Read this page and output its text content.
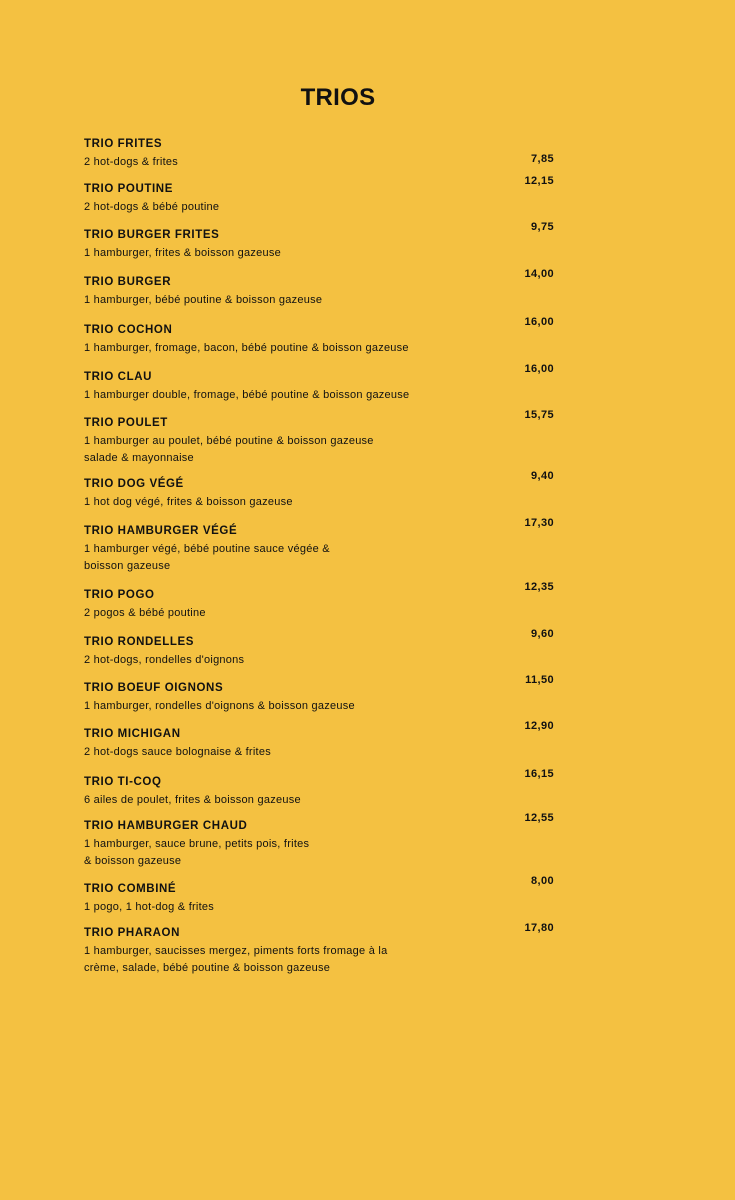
TRIOS
TRIO FRITES
2 hot-dogs & frites	7,85
TRIO POUTINE
2 hot-dogs & bébé poutine
12,15
TRIO BURGER FRITES
1 hamburger, frites & boisson gazeuse
9,75
TRIO BURGER
1 hamburger, bébé poutine & boisson gazeuse
14,00
TRIO COCHON
1 hamburger, fromage, bacon, bébé poutine & boisson gazeuse
16,00
TRIO CLAU
1 hamburger double, fromage, bébé poutine & boisson gazeuse
16,00
TRIO POULET
1 hamburger au poulet, bébé poutine & boisson gazeuse
salade & mayonnaise
15,75
TRIO DOG VÉGÉ
1 hot dog végé, frites & boisson gazeuse
9,40
TRIO HAMBURGER VÉGÉ
1 hamburger végé, bébé poutine sauce végée &
boisson gazeuse
17,30
TRIO POGO
2 pogos & bébé poutine
12,35
TRIO RONDELLES
2 hot-dogs, rondelles d'oignons
9,60
TRIO BOEUF OIGNONS
1 hamburger, rondelles d'oignons & boisson gazeuse
11,50
TRIO MICHIGAN
2 hot-dogs sauce bolognaise & frites
12,90
TRIO TI-COQ
6 ailes de poulet, frites & boisson gazeuse
16,15
TRIO HAMBURGER CHAUD
1 hamburger, sauce brune, petits pois, frites
& boisson gazeuse
12,55
TRIO COMBINÉ
1 pogo, 1 hot-dog & frites
8,00
TRIO PHARAON
1 hamburger, saucisses mergez, piments forts fromage à la
crème, salade, bébé poutine & boisson gazeuse
17,80
